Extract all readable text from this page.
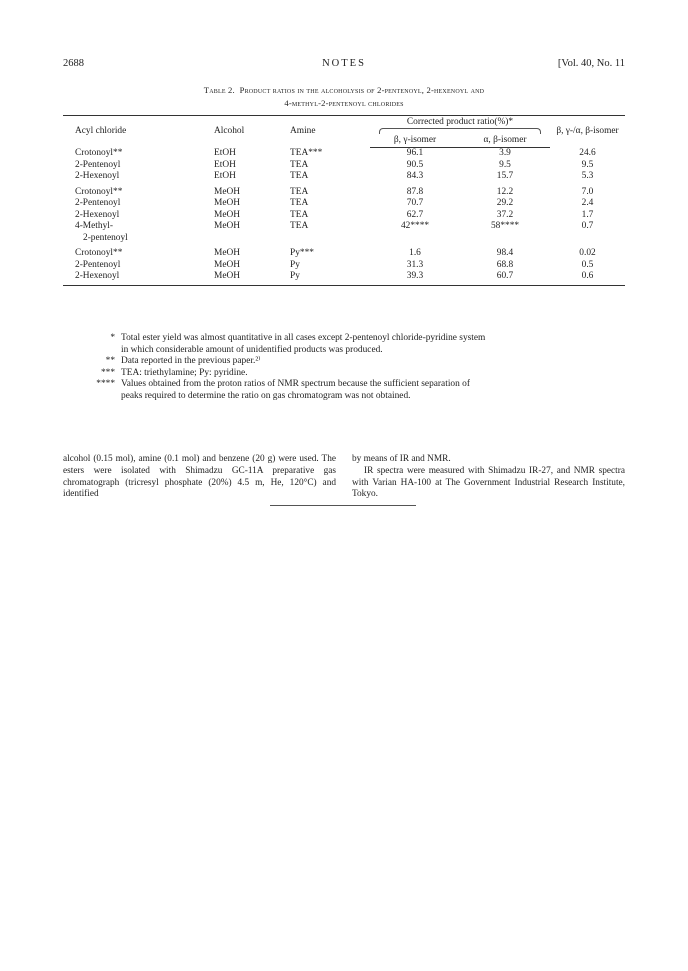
2688	NOTES	[Vol. 40, No. 11
Table 2. Product ratios in the alcoholysis of 2-pentenoyl, 2-hexenoyl and
4-methyl-2-pentenoyl chlorides
Acyl chloride	Alcohol	Amine	Corrected product ratio(%)*		β, γ-/α, β-isomer
			β, γ-isomer	α, β-isomer	
Crotonoyl**	EtOH	TEA***	96.1	3.9	24.6
2-Pentenoyl	EtOH	TEA	90.5	9.5	9.5
2-Hexenoyl	EtOH	TEA	84.3	15.7	5.3
Crotonoyl**	MeOH	TEA	87.8	12.2	7.0
2-Pentenoyl	MeOH	TEA	70.7	29.2	2.4
2-Hexenoyl	MeOH	TEA	62.7	37.2	1.7
4-Methyl-	MeOH	TEA	42****	58****	0.7
2-pentenoyl					
Crotonoyl**	MeOH	Py***	1.6	98.4	0.02
2-Pentenoyl	MeOH	Py	31.3	68.8	0.5
2-Hexenoyl	MeOH	Py	39.3	60.7	0.6
* Total ester yield was almost quantitative in all cases except 2-pentenoyl chloride-pyridine system
in which considerable amount of unidentified products was produced.
** Data reported in the previous paper.²⁾
*** TEA: triethylamine; Py: pyridine.
**** Values obtained from the proton ratios of NMR spectrum because the sufficient separation of
peaks required to determine the ratio on gas chromatogram was not obtained.
alcohol (0.15 mol), amine (0.1 mol) and benzene (20 g) were used. The esters were isolated with Shimadzu GC-11A preparative gas chromatograph (tricresyl phosphate (20%) 4.5 m, He, 120°C) and identified
by means of IR and NMR.
IR spectra were measured with Shimadzu IR-27, and NMR spectra with Varian HA-100 at The Government Industrial Research Institute, Tokyo.
